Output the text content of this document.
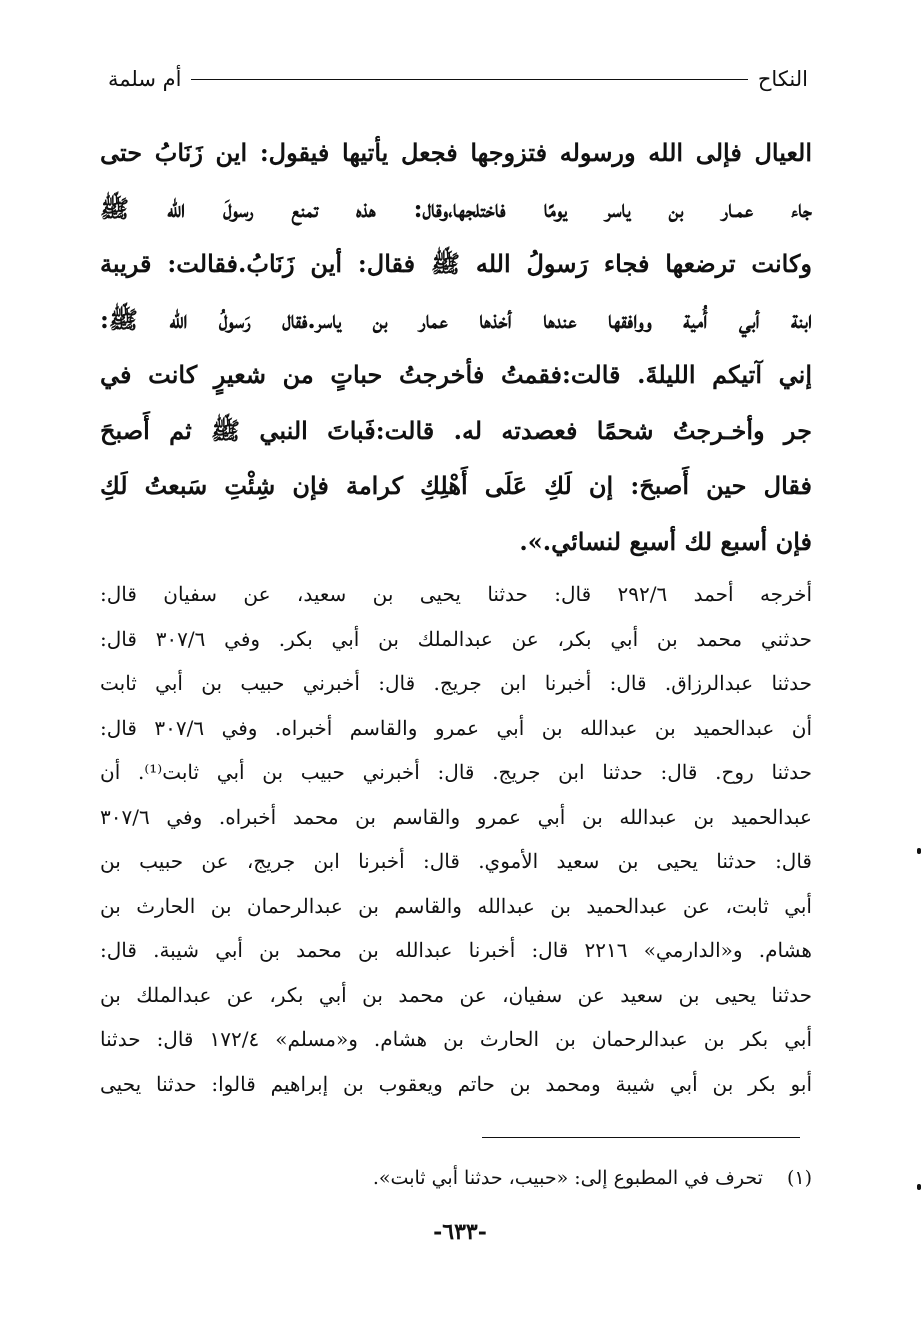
النكاح
أم سلمة
العيال فإلى الله ورسوله فتزوجها فجعل يأتيها فيقول: اين زَنَابُ حتى
جاء عمـار بن ياسر يومًا فاختلجها،وقال: هذه تمنع رسولَ الله ﷺ
وكانت ترضعها فجاء رَسولُ الله ﷺ فقال: أين زَنَابُ.فقالت: قريبة
ابنة أبي أُمية ووافقها عندها أخذها عمار بن ياسر.فقال رَسولُ الله ﷺ:
إني آتيكم الليلةَ. قالت:فقمتُ فأخرجتُ حباتٍ من شعيرٍ كانت في
جر وأخـرجتُ شحمًا فعصدته له. قالت:فَباتَ النبي ﷺ ثم أَصبحَ
فقال حين أَصبحَ: إن لَكِ عَلَى أَهْلِكِ كرامة فإن شِئْتِ سَبعتُ لَكِ
فإن أسبع لك أسبع لنسائي.».
أخرجه أحمد ٢٩٢/٦ قال: حدثنا يحيى بن سعيد، عن سفيان قال:
حدثني محمد بن أبي بكر، عن عبدالملك بن أبي بكر. وفي ٣٠٧/٦ قال:
حدثنا عبدالرزاق. قال: أخبرنا ابن جريج. قال: أخبرني حبيب بن أبي ثابت
أن عبدالحميد بن عبدالله بن أبي عمرو والقاسم أخبراه. وفي ٣٠٧/٦ قال:
حدثنا روح. قال: حدثنا ابن جريج. قال: أخبرني حبيب بن أبي ثابت⁽¹⁾. أن
عبدالحميد بن عبدالله بن أبي عمرو والقاسم بن محمد أخبراه. وفي ٣٠٧/٦
قال: حدثنا يحيى بن سعيد الأموي. قال: أخبرنا ابن جريج، عن حبيب بن
أبي ثابت، عن عبدالحميد بن عبدالله والقاسم بن عبدالرحمان بن الحارث بن
هشام. و«الدارمي» ٢٢١٦ قال: أخبرنا عبدالله بن محمد بن أبي شيبة. قال:
حدثنا يحيى بن سعيد عن سفيان، عن محمد بن أبي بكر، عن عبدالملك بن
أبي بكر بن عبدالرحمان بن الحارث بن هشام. و«مسلم» ١٧٢/٤ قال: حدثنا
أبو بكر بن أبي شيبة ومحمد بن حاتم ويعقوب بن إبراهيم قالوا: حدثنا يحيى
(١) تحرف في المطبوع إلى: «حبيب، حدثنا أبي ثابت».
-٦٣٣-
